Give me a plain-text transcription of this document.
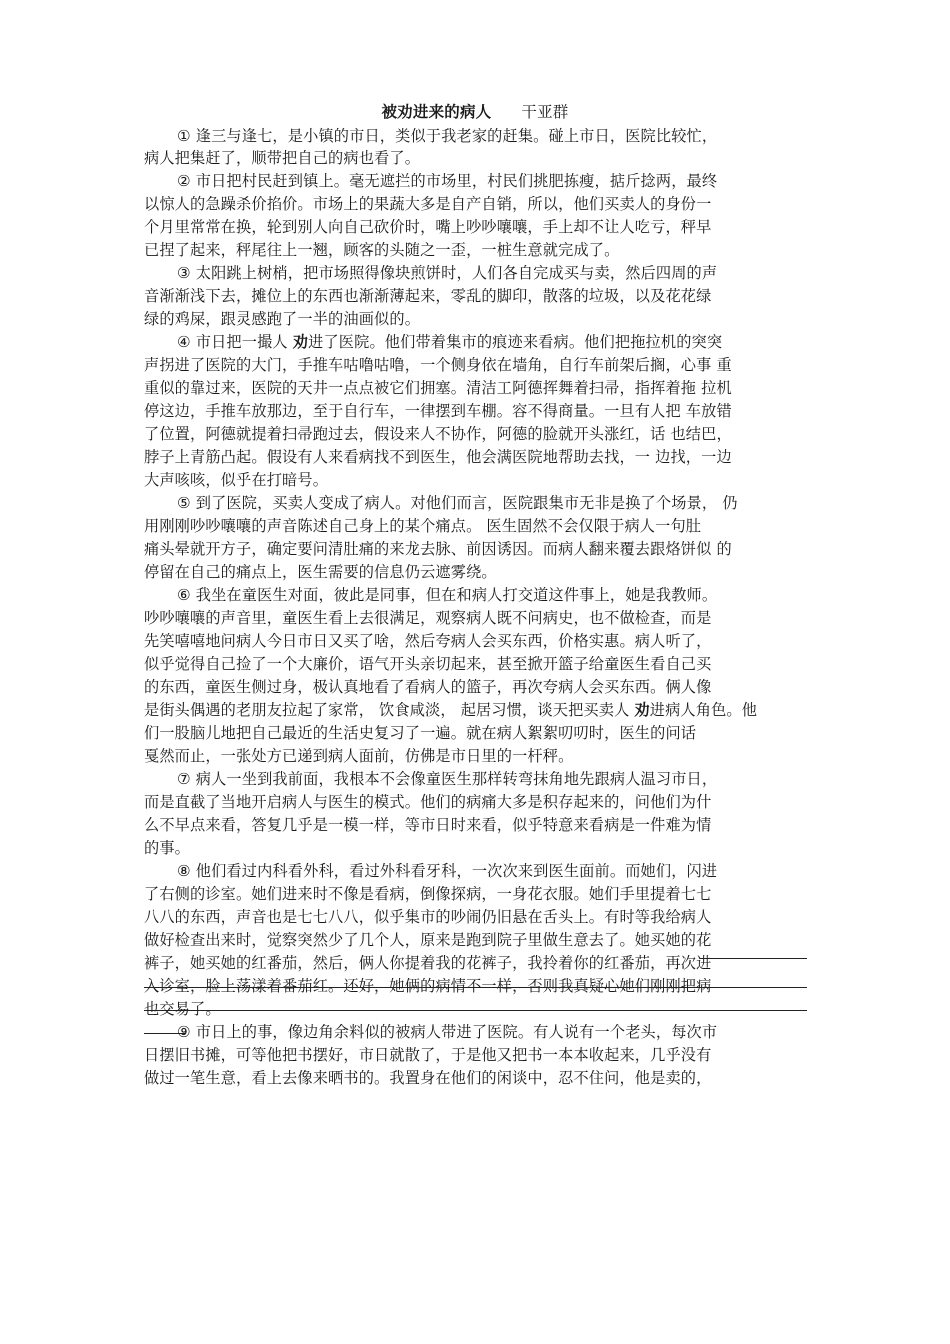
被劝进来的病人 干亚群
① 逢三与逢七，是小镇的市日，类似于我老家的赶集。碰上市日，医院比较忙，
病人把集赶了，顺带把自己的病也看了。
② 市日把村民赶到镇上。毫无遮拦的市场里，村民们挑肥拣瘦，掂斤捻两，最终
以惊人的急躁杀价掐价。市场上的果蔬大多是自产自销，所以，他们买卖人的身份一
个月里常常在换，轮到别人向自己砍价时，嘴上吵吵嚷嚷，手上却不让人吃亏，秤早
已捏了起来，秤尾往上一翘，顾客的头随之一歪，一桩生意就完成了。
③ 太阳跳上树梢，把市场照得像块煎饼时，人们各自完成买与卖，然后四周的声
音渐渐浅下去，摊位上的东西也渐渐薄起来，零乱的脚印，散落的垃圾，以及花花绿
绿的鸡屎，跟灵感跑了一半的油画似的。
④ 市日把一撮人 劝进了医院。他们带着集市的痕迹来看病。他们把拖拉机的突突
声拐进了医院的大门，手推车咕噜咕噜，一个侧身依在墙角，自行车前架后搁，心事 重
重似的靠过来，医院的天井一点点被它们拥塞。清洁工阿德挥舞着扫帚，指挥着拖 拉机
停这边，手推车放那边，至于自行车，一律摆到车棚。容不得商量。一旦有人把 车放错
了位置，阿德就提着扫帚跑过去，假设来人不协作，阿德的脸就开头涨红，话 也结巴，
脖子上青筋凸起。假设有人来看病找不到医生，他会满医院地帮助去找，一 边找，一边
大声咳咳，似乎在打暗号。
⑤ 到了医院，买卖人变成了病人。对他们而言，医院跟集市无非是换了个场景， 仍
用刚刚吵吵嚷嚷的声音陈述自己身上的某个痛点。 医生固然不会仅限于病人一句肚
痛头晕就开方子，确定要问清肚痛的来龙去脉、前因诱因。而病人翻来覆去跟烙饼似 的
停留在自己的痛点上，医生需要的信息仍云遮雾绕。
⑥ 我坐在童医生对面，彼此是同事，但在和病人打交道这件事上，她是我教师。
吵吵嚷嚷的声音里，童医生看上去很满足，观察病人既不问病史，也不做检查，而是
先笑嘻嘻地问病人今日市日又买了啥，然后夸病人会买东西，价格实惠。病人听了，
似乎觉得自己捡了一个大廉价，语气开头亲切起来，甚至掀开篮子给童医生看自己买
的东西，童医生侧过身，极认真地看了看病人的篮子，再次夸病人会买东西。俩人像
是街头偶遇的老朋友拉起了家常， 饮食咸淡， 起居习惯，谈天把买卖人 劝进病人角色。他
们一股脑儿地把自己最近的生活史复习了一遍。就在病人絮絮叨叨时，医生的问话
戛然而止，一张处方已递到病人面前，仿佛是市日里的一杆秤。
⑦ 病人一坐到我前面，我根本不会像童医生那样转弯抹角地先跟病人温习市日，
而是直截了当地开启病人与医生的模式。他们的病痛大多是积存起来的，问他们为什
么不早点来看，答复几乎是一模一样，等市日时来看，似乎特意来看病是一件难为情
的事。
⑧ 他们看过内科看外科，看过外科看牙科，一次次来到医生面前。而她们，闪进
了右侧的诊室。她们进来时不像是看病，倒像探病，一身花衣服。她们手里提着七七
八八的东西，声音也是七七八八，似乎集市的吵闹仍旧悬在舌头上。有时等我给病人
做好检查出来时，觉察突然少了几个人，原来是跑到院子里做生意去了。她买她的花
裤子，她买她的红番茄，然后，俩人你提着我的花裤子，我拎着你的红番茄，再次进
入诊室，脸上荡漾着番茄红。还好，她俩的病情不一样，否则我真疑心她们刚刚把病
也交易了。
⑨ 市日上的事，像边角余料似的被病人带进了医院。有人说有一个老头，每次市
日摆旧书摊，可等他把书摆好，市日就散了，于是他又把书一本本收起来，几乎没有
做过一笔生意，看上去像来晒书的。我置身在他们的闲谈中，忍不住问，他是卖的，
